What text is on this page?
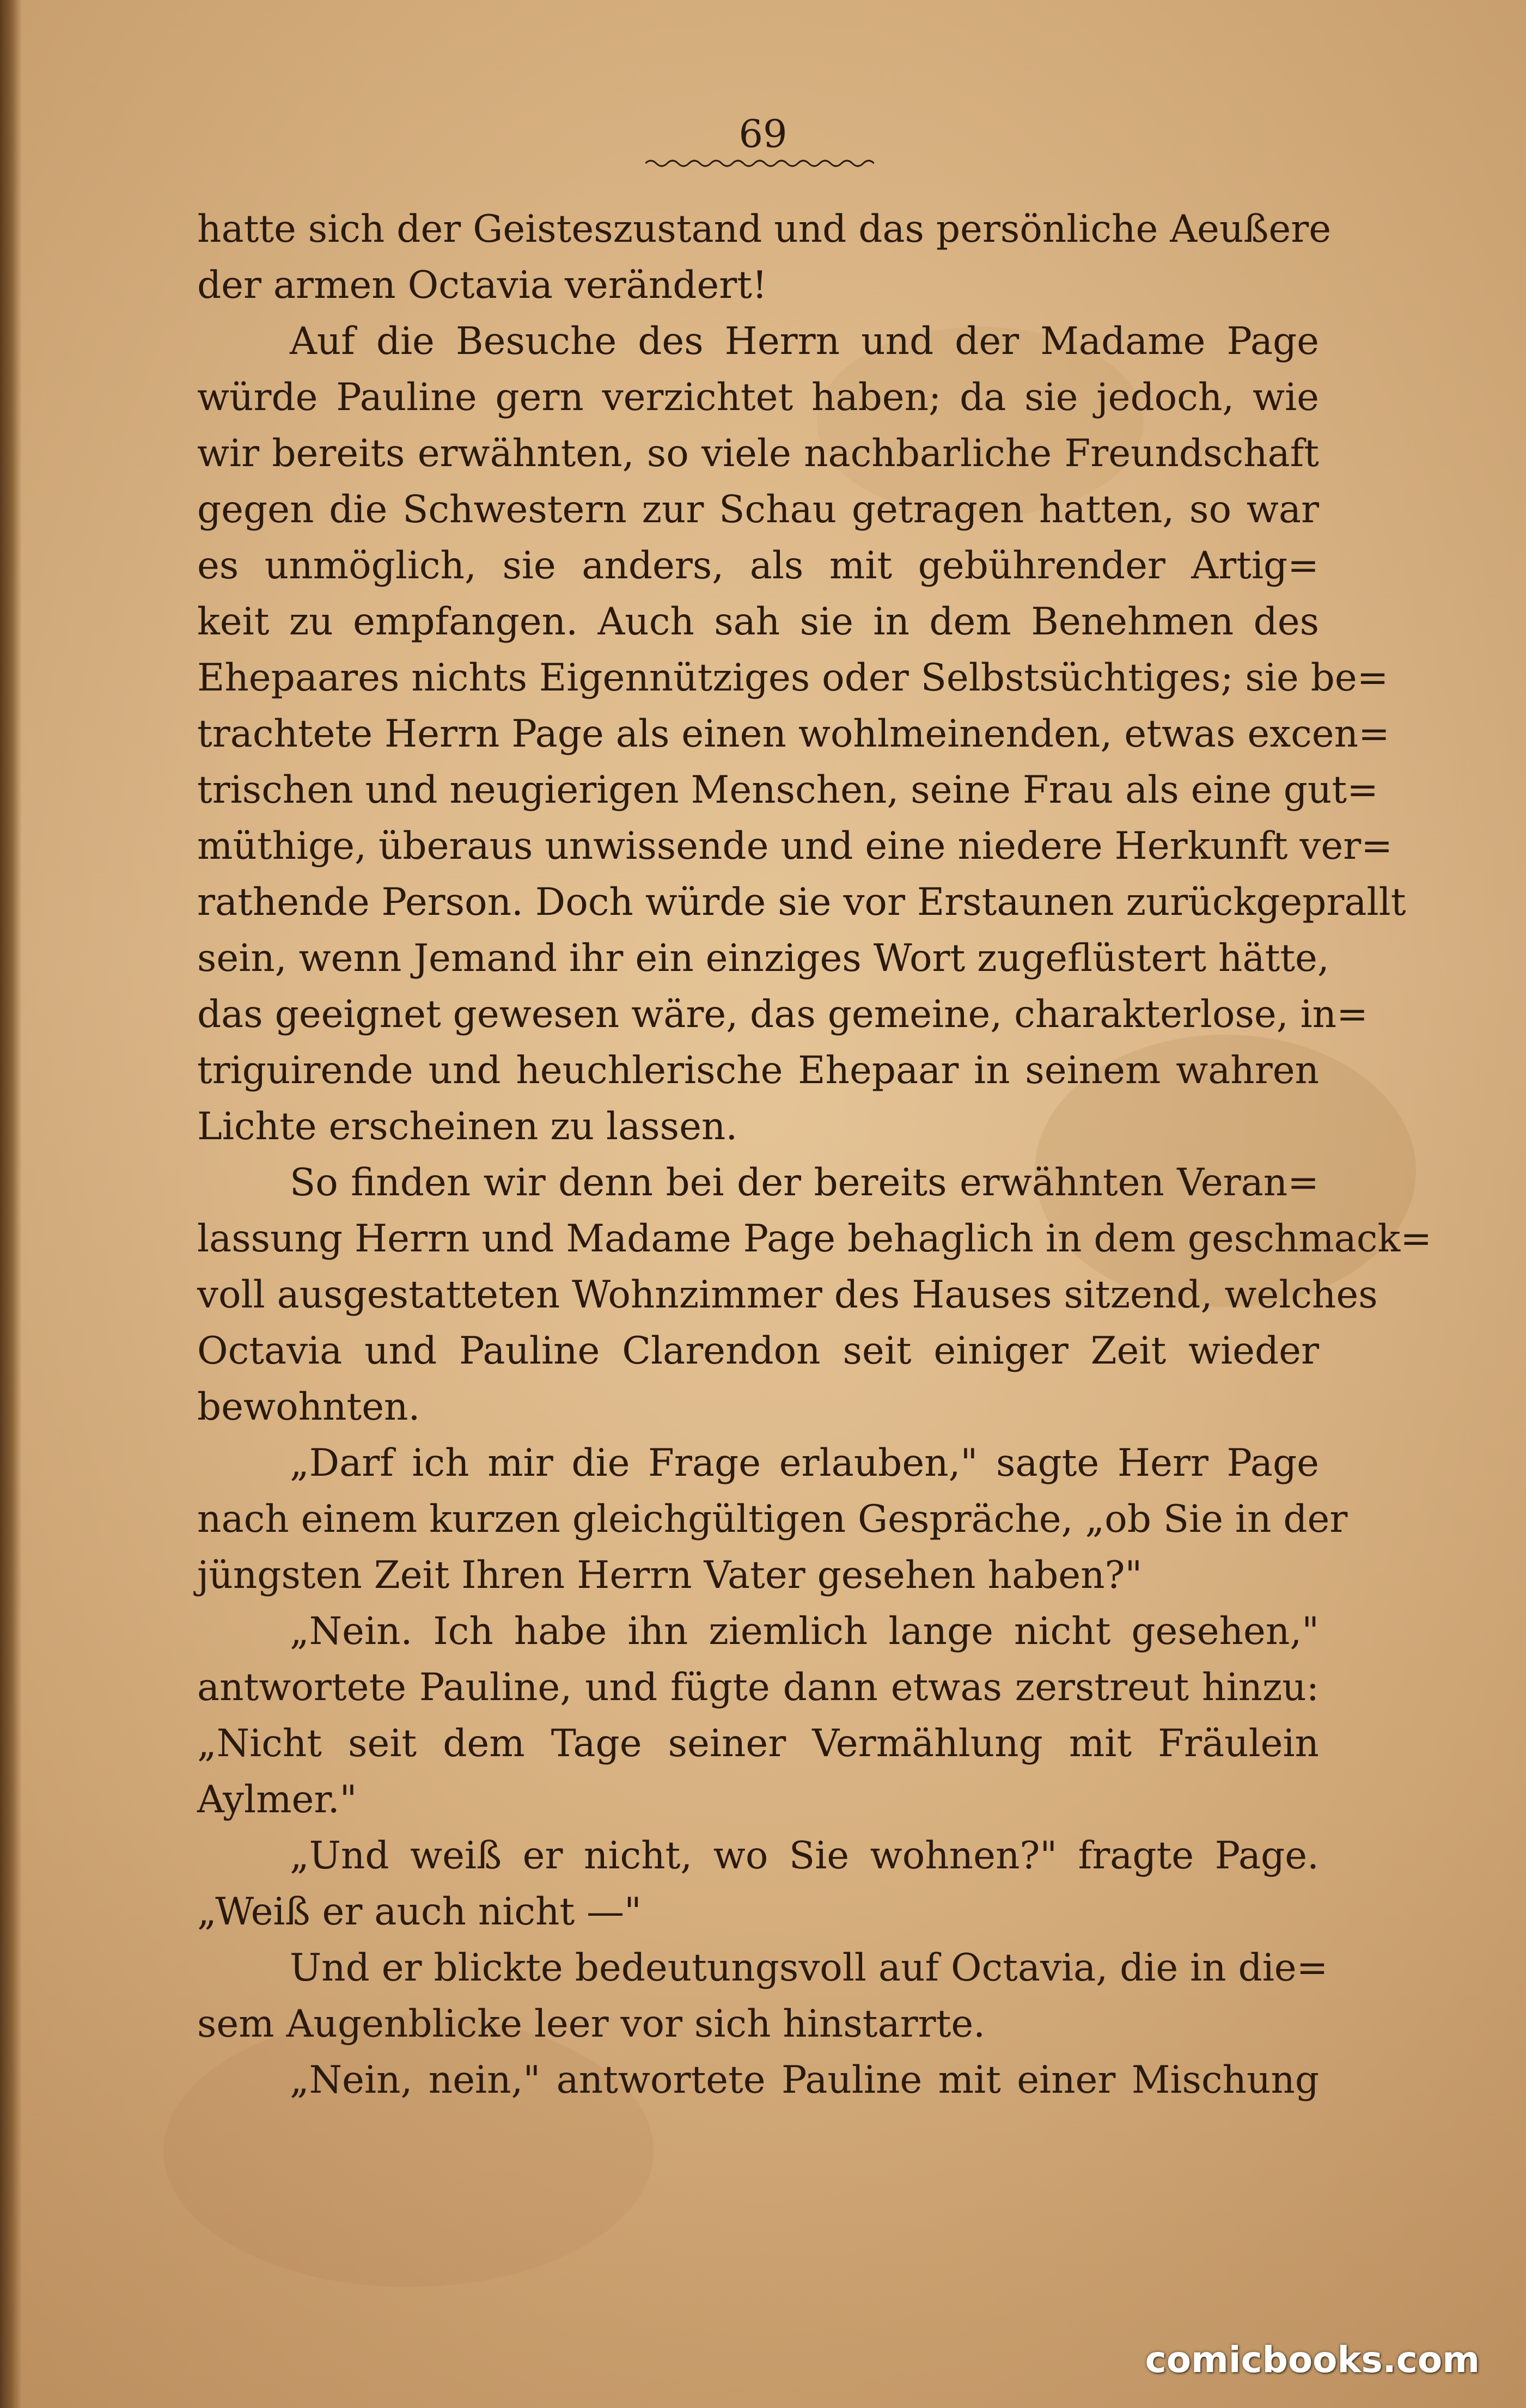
69
hatte sich der Geisteszustand und das persönliche Aeußere
der armen Octavia verändert!
Auf die Besuche des Herrn und der Madame Page
würde Pauline gern verzichtet haben; da sie jedoch, wie
wir bereits erwähnten, so viele nachbarliche Freundschaft
gegen die Schwestern zur Schau getragen hatten, so war
es unmöglich, sie anders, als mit gebührender Artig=
keit zu empfangen. Auch sah sie in dem Benehmen des
Ehepaares nichts Eigennütziges oder Selbstsüchtiges; sie be=
trachtete Herrn Page als einen wohlmeinenden, etwas excen=
trischen und neugierigen Menschen, seine Frau als eine gut=
müthige, überaus unwissende und eine niedere Herkunft ver=
rathende Person. Doch würde sie vor Erstaunen zurückgeprallt
sein, wenn Jemand ihr ein einziges Wort zugeflüstert hätte,
das geeignet gewesen wäre, das gemeine, charakterlose, in=
triguirende und heuchlerische Ehepaar in seinem wahren
Lichte erscheinen zu lassen.
So finden wir denn bei der bereits erwähnten Veran=
lassung Herrn und Madame Page behaglich in dem geschmack=
voll ausgestatteten Wohnzimmer des Hauses sitzend, welches
Octavia und Pauline Clarendon seit einiger Zeit wieder
bewohnten.
„Darf ich mir die Frage erlauben," sagte Herr Page
nach einem kurzen gleichgültigen Gespräche, „ob Sie in der
jüngsten Zeit Ihren Herrn Vater gesehen haben?"
„Nein. Ich habe ihn ziemlich lange nicht gesehen,"
antwortete Pauline, und fügte dann etwas zerstreut hinzu:
„Nicht seit dem Tage seiner Vermählung mit Fräulein
Aylmer."
„Und weiß er nicht, wo Sie wohnen?" fragte Page.
„Weiß er auch nicht —"
Und er blickte bedeutungsvoll auf Octavia, die in die=
sem Augenblicke leer vor sich hinstarrte.
„Nein, nein," antwortete Pauline mit einer Mischung
comicbooks.com
